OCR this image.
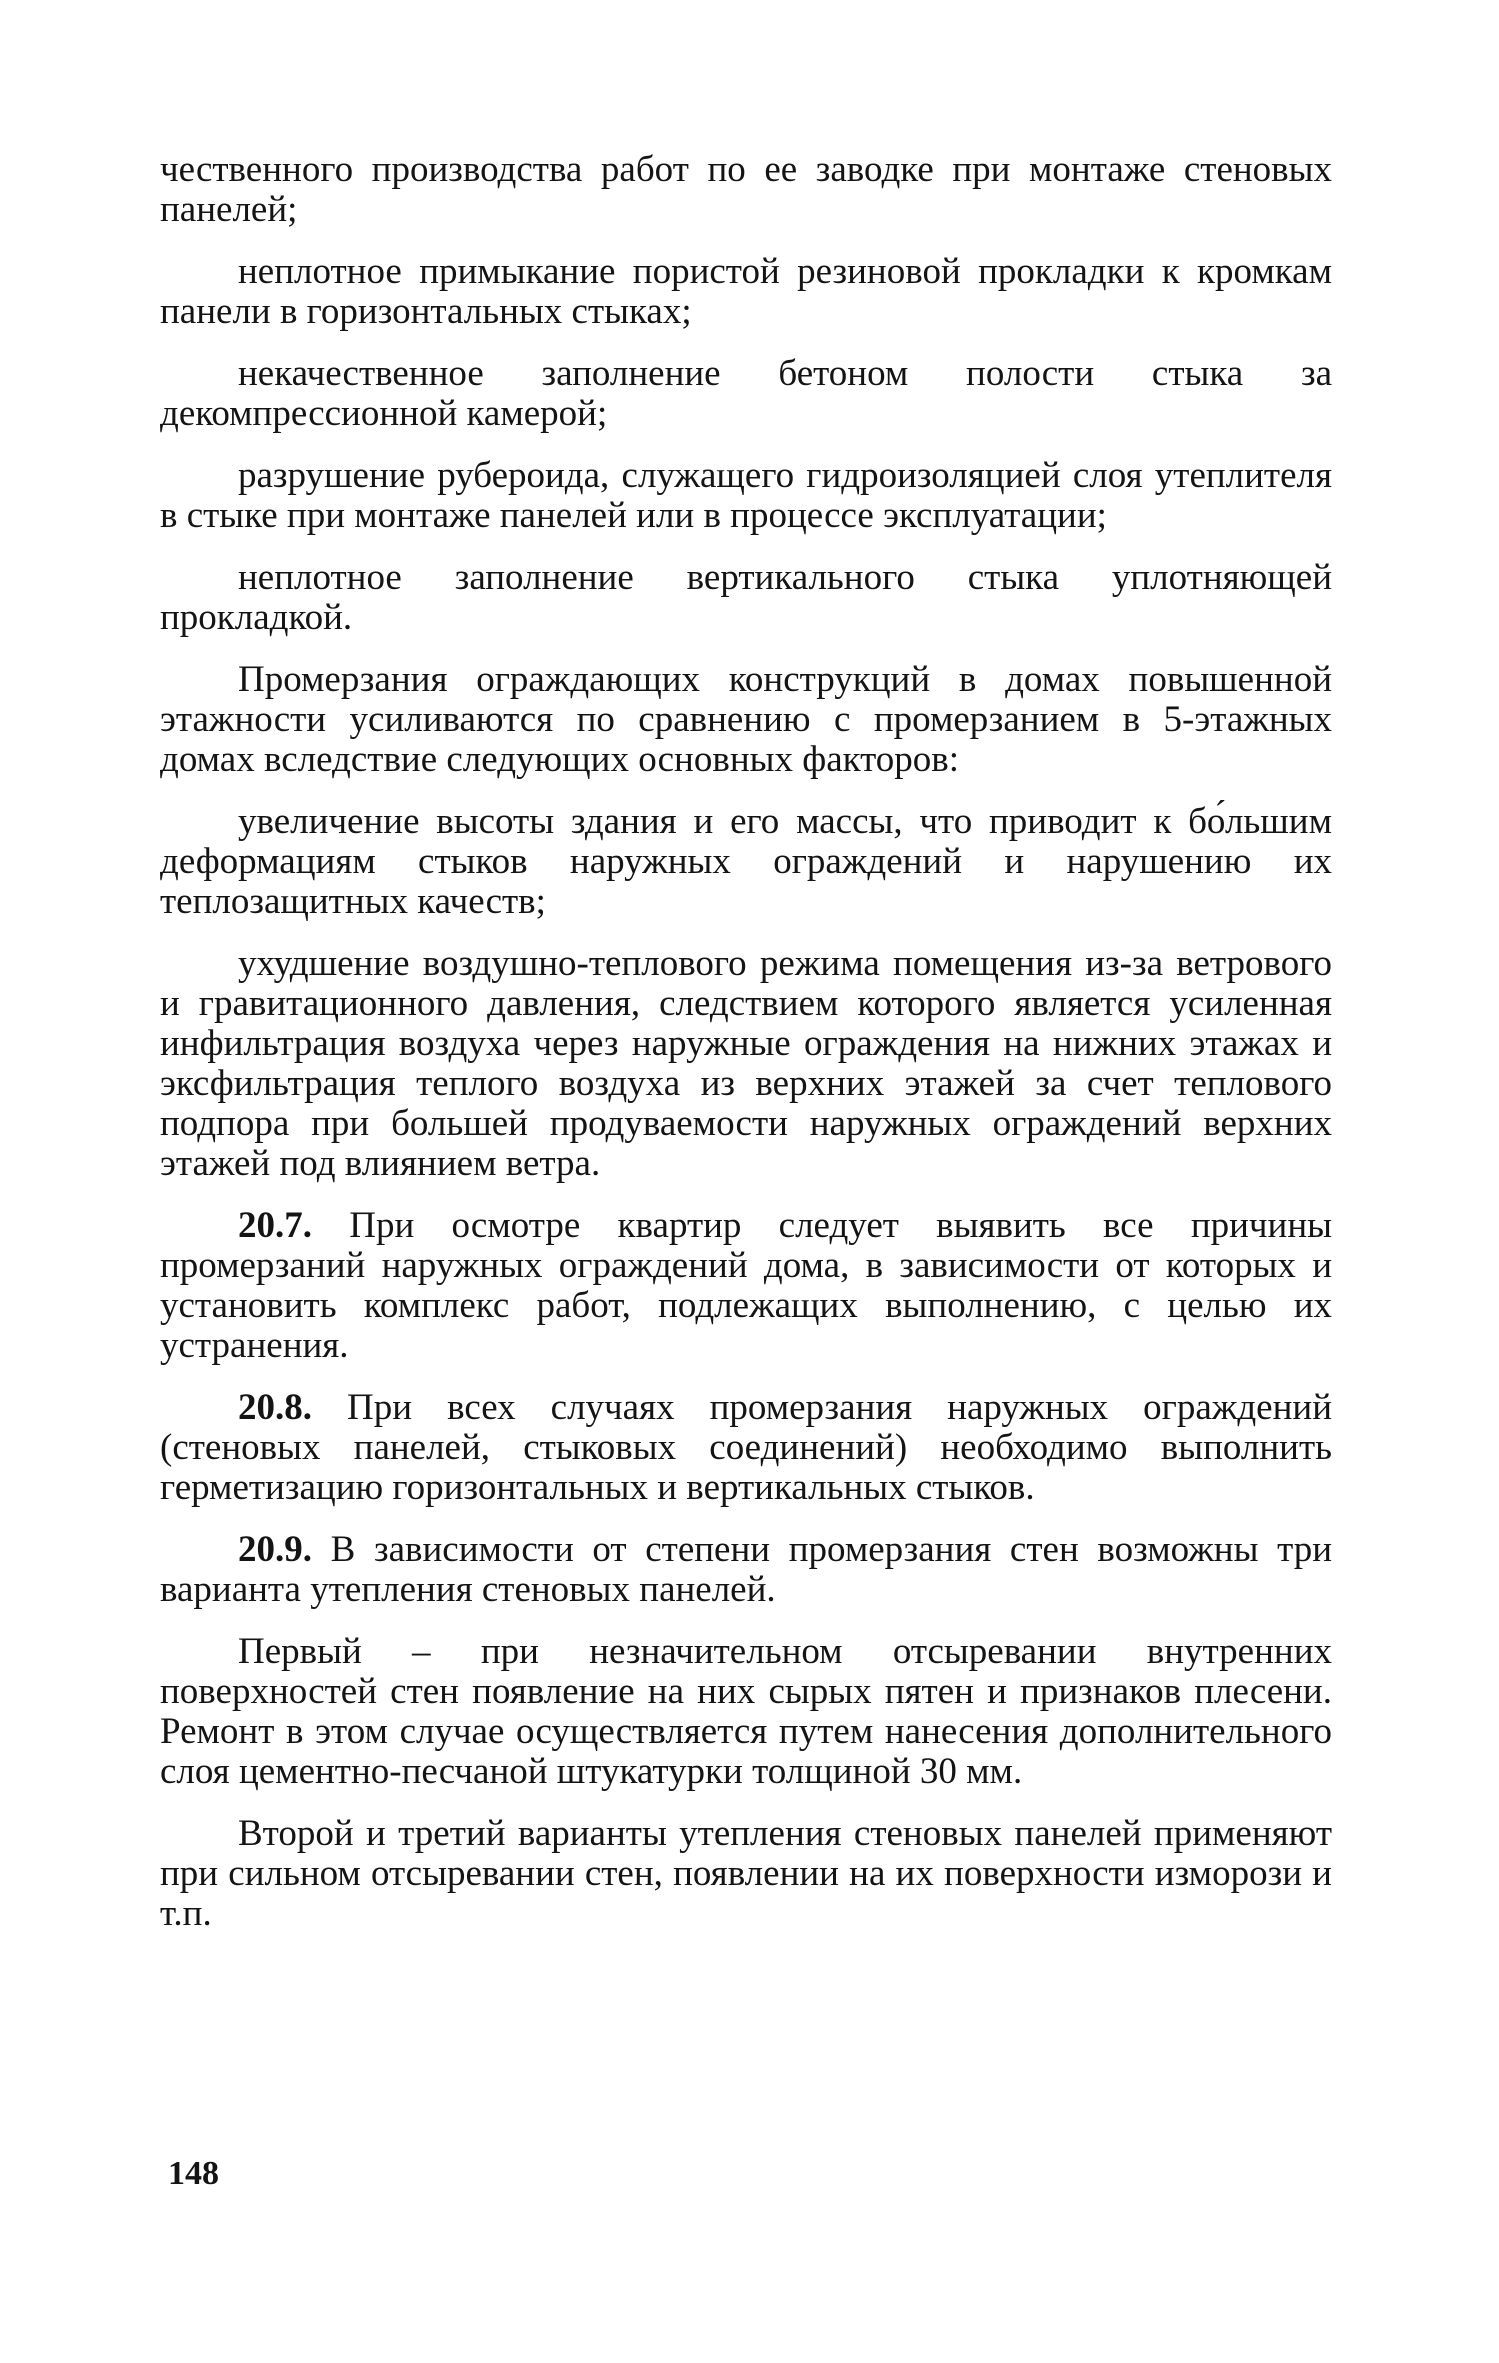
чественного производства работ по ее заводке при монтаже стеновых панелей;

неплотное примыкание пористой резиновой прокладки к кромкам панели в горизонтальных стыках;

некачественное заполнение бетоном полости стыка за декомпрессионной камерой;

разрушение рубероида, служащего гидроизоляцией слоя утеплителя в стыке при монтаже панелей или в процессе эксплуатации;

неплотное заполнение вертикального стыка уплотняющей прокладкой.

Промерзания ограждающих конструкций в домах повышенной этажности усиливаются по сравнению с промерзанием в 5-этажных домах вследствие следующих основных факторов:

увеличение высоты здания и его массы, что приводит к бо́льшим деформациям стыков наружных ограждений и нарушению их теплозащитных качеств;

ухудшение воздушно-теплового режима помещения из-за ветрового и гравитационного давления, следствием которого является усиленная инфильтрация воздуха через наружные ограждения на нижних этажах и эксфильтрация теплого воздуха из верхних этажей за счет теплового подпора при большей продуваемости наружных ограждений верхних этажей под влиянием ветра.

20.7. При осмотре квартир следует выявить все причины промерзаний наружных ограждений дома, в зависимости от которых и установить комплекс работ, подлежащих выполнению, с целью их устранения.

20.8. При всех случаях промерзания наружных ограждений (стеновых панелей, стыковых соединений) необходимо выполнить герметизацию горизонтальных и вертикальных стыков.

20.9. В зависимости от степени промерзания стен возможны три варианта утепления стеновых панелей.

Первый – при незначительном отсыревании внутренних поверхностей стен появление на них сырых пятен и признаков плесени. Ремонт в этом случае осуществляется путем нанесения дополнительного слоя цементно-песчаной штукатурки толщиной 30 мм.

Второй и третий варианты утепления стеновых панелей применяют при сильном отсыревании стен, появлении на их поверхности изморози и т.п.

148
